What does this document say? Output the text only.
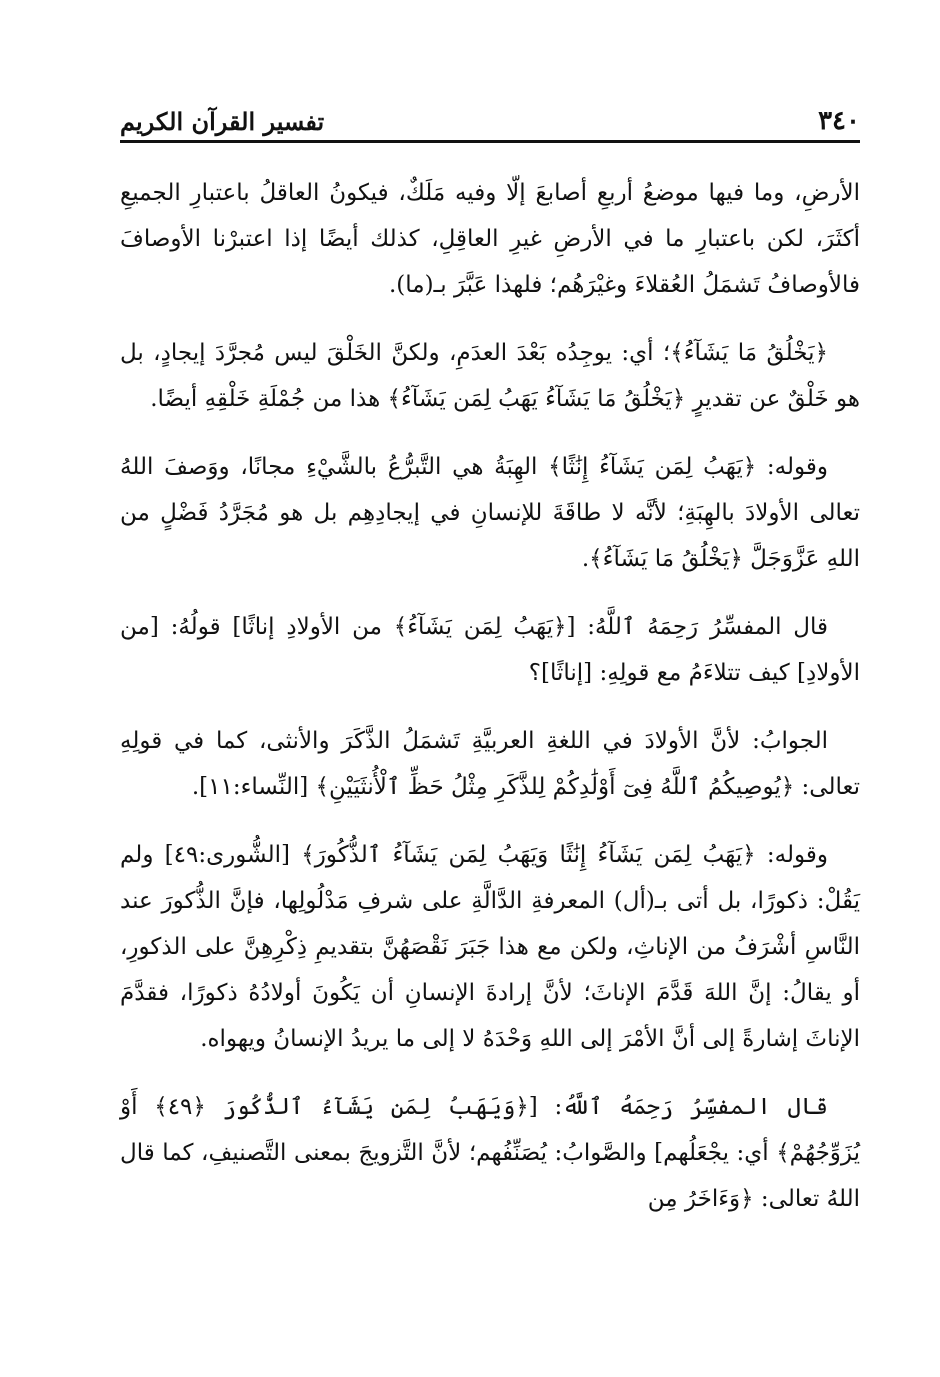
٣٤٠
تفسير القرآن الكريم

الأرضِ، وما فيها موضعُ أربعِ أصابعَ إلّا وفيه مَلَكٌ، فيكونُ العاقلُ باعتبارِ الجميعِ أكثَرَ، لكن باعتبارِ ما في الأرضِ غيرِ العاقِلِ، كذلك أيضًا إذا اعتبرْنا الأوصافَ فالأوصافُ تَشمَلُ العُقلاءَ وغيْرَهُم؛ فلهذا عَبَّرَ بـ(ما).

﴿يَخْلُقُ مَا يَشَآءُ﴾؛ أي: يوجِدُه بَعْدَ العدَمِ، ولكنَّ الخَلْقَ ليس مُجرَّدَ إيجادٍ، بل هو خَلْقٌ عن تقديرٍ ﴿يَخْلُقُ مَا يَشَآءُ يَهَبُ لِمَن يَشَآءُ﴾ هذا من جُمْلَةِ خَلْقِهِ أيضًا.

وقوله: ﴿يَهَبُ لِمَن يَشَآءُ إِنَٰثًا﴾ الهِبَةُ هي التَّبرُّعُ بالشَّيْءِ مجانًا، ووَصفَ اللهُ تعالى الأولادَ بالهِبَةِ؛ لأنَّه لا طاقَةَ للإنسانِ في إيجادِهِم بل هو مُجَرَّدُ فَضْلٍ من اللهِ عَزَّوَجَلَّ ﴿يَخْلُقُ مَا يَشَآءُ﴾.

قال المفسِّرُ رَحِمَهُ ٱللَّهُ: [﴿يَهَبُ لِمَن يَشَآءُ﴾ من الأولادِ إناثًا] قولُهُ: [من الأولادِ] كيف تتلاءَمُ مع قولِهِ: [إناثًا]؟

الجوابُ: لأنَّ الأولادَ في اللغةِ العربيَّةِ تَشمَلُ الذَّكَرَ والأنثى، كما في قولِهِ تعالى: ﴿يُوصِيكُمُ ٱللَّهُ فِىٓ أَوْلَٰدِكُمْ لِلذَّكَرِ مِثْلُ حَظِّ ٱلْأُنثَيَيْنِ﴾ [النِّساء:١١].

وقوله: ﴿يَهَبُ لِمَن يَشَآءُ إِنَٰثًا وَيَهَبُ لِمَن يَشَآءُ ٱلذُّكُورَ﴾ [الشُّورى:٤٩] ولم يَقُلْ: ذكورًا، بل أتى بـ(أل) المعرفةِ الدَّالَّةِ على شرفِ مَدْلُولِها، فإنَّ الذُّكورَ عند النَّاسِ أشْرَفُ من الإناثِ، ولكن مع هذا جَبَرَ نَقْصَهُنَّ بتقديمِ ذِكْرِهِنَّ على الذكورِ، أو يقالُ: إنَّ اللهَ قَدَّمَ الإناثَ؛ لأنَّ إرادةَ الإنسانِ أن يَكُونَ أولادُهُ ذكورًا، فقدَّمَ الإناثَ إشارةً إلى أنَّ الأمْرَ إلى اللهِ وَحْدَهُ لا إلى ما يريدُ الإنسانُ ويهواه.

قال المفسِّرُ رَحِمَهُ ٱللَّهُ: [﴿وَيَهَبُ لِمَن يَشَآءُ ٱلذُّكُورَ ﴿٤٩﴾ أَوْ يُزَوِّجُهُمْ﴾ أي: يجْعَلُهم] والصَّوابُ: يُصَنِّفُهم؛ لأنَّ التَّزويجَ بمعنى التَّصنيفِ، كما قال اللهُ تعالى: ﴿وَءَاخَرُ مِن
